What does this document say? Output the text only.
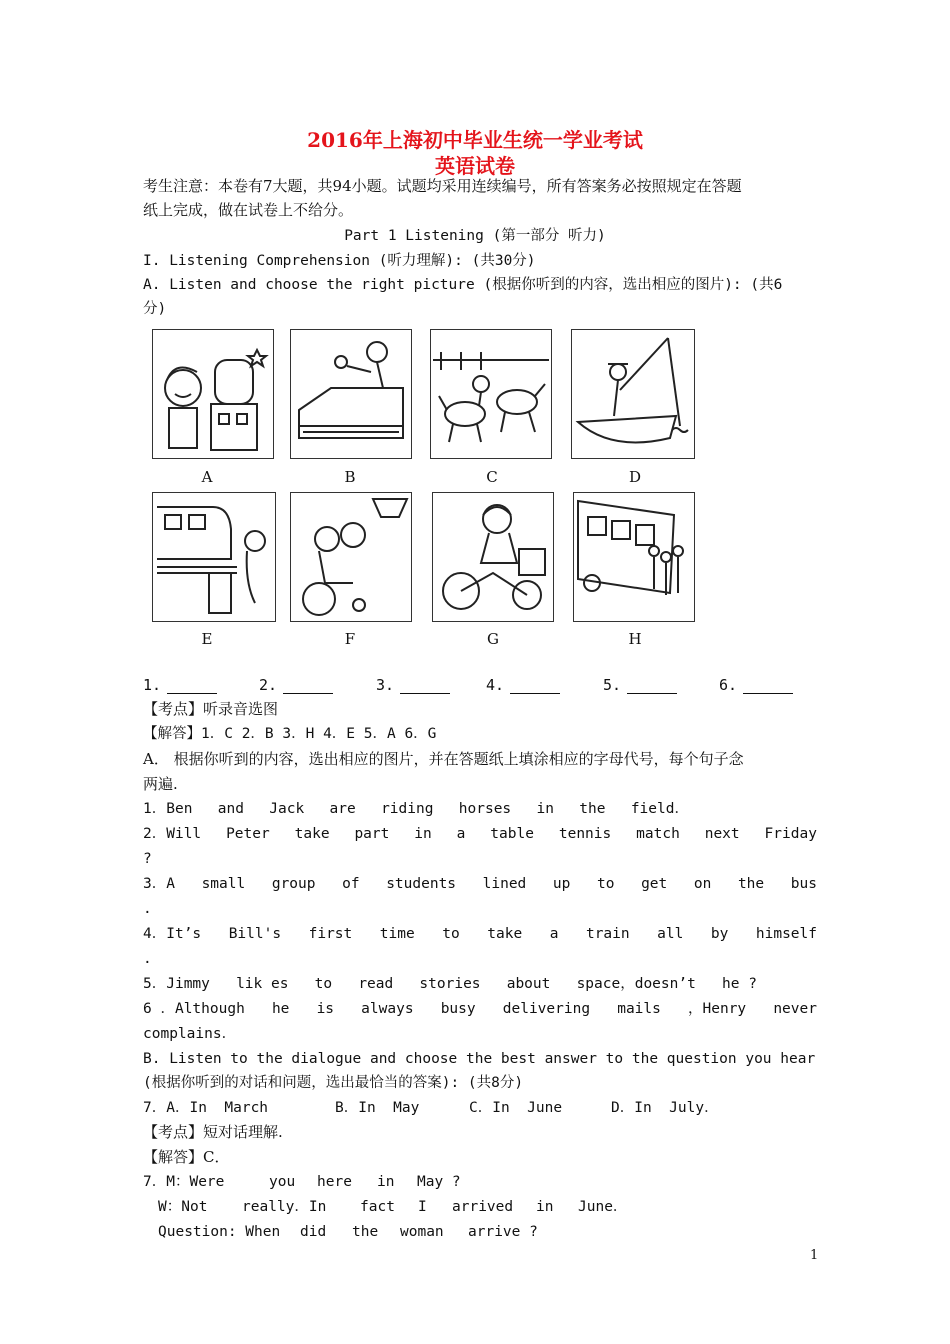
2016年上海初中毕业生统一学业考试
英语试卷
考生注意：本卷有7大题，共94小题。试题均采用连续编号，所有答案务必按照规定在答题
纸上完成，做在试卷上不给分。
Part 1 Listening (第一部分 听力)
I. Listening Comprehension (听力理解): (共30分)
A. Listen and choose the right picture (根据你听到的内容，选出相应的图片): (共6
分)
A	B	C	D
E	F	G	H
1.	2.	3.	4.	5.	6.
【考点】听录音选图
【解答】1．C 2．B 3．H 4．E 5．A 6．G
A． 根据你听到的内容，选出相应的图片，并在答题纸上填涂相应的字母代号，每个句子念
两遍.
1．Ben and Jack are riding horses in the field．
2．Will Peter take part in a table tennis match next Friday
?
3．A small group of students lined up to get on the bus
.
4．It’s Bill's first time to take a train all by himself
.
5．Jimmy lik es to read stories about space，doesn’t he ?
6 ．Although he is always busy delivering mails ，Henry never
complains．
B. Listen to the dialogue and choose the best answer to the question you hear
(根据你听到的对话和问题，选出最恰当的答案): (共8分)
7．A．In March	B．In May	C．In June	D．In July．
【考点】短对话理解.
【解答】C．
7．M：Were	you here in May ?
W：Not really．In fact I arrived in June．
Question: When did the woman arrive ?
1
